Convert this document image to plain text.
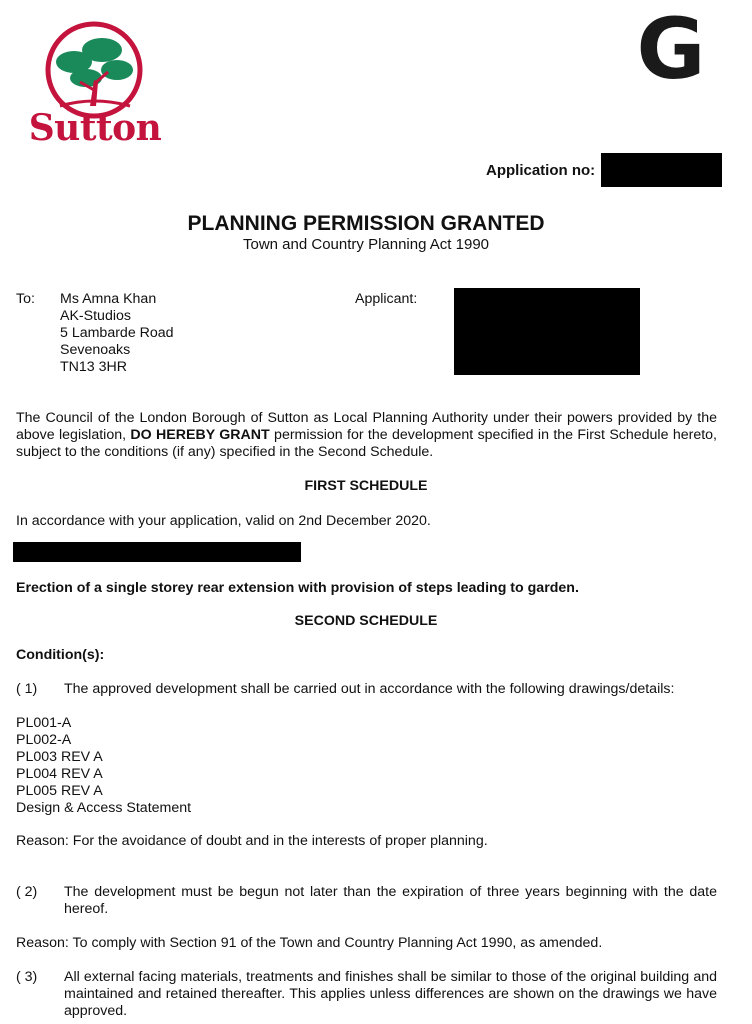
Sutton
G
Application no:
PLANNING PERMISSION GRANTED
Town and Country Planning Act 1990
To: Ms Amna Khan
AK-Studios
5 Lambarde Road
Sevenoaks
TN13 3HR
Applicant:
The Council of the London Borough of Sutton as Local Planning Authority under their powers provided by the above legislation, DO HEREBY GRANT permission for the development specified in the First Schedule hereto, subject to the conditions (if any) specified in the Second Schedule.
FIRST SCHEDULE
In accordance with your application, valid on 2nd December 2020.
Erection of a single storey rear extension with provision of steps leading to garden.
SECOND SCHEDULE
Condition(s):
( 1) The approved development shall be carried out in accordance with the following drawings/details:
PL001-A
PL002-A
PL003 REV A
PL004 REV A
PL005 REV A
Design & Access Statement
Reason: For the avoidance of doubt and in the interests of proper planning.
( 2) The development must be begun not later than the expiration of three years beginning with the date hereof.
Reason: To comply with Section 91 of the Town and Country Planning Act 1990, as amended.
( 3) All external facing materials, treatments and finishes shall be similar to those of the original building and maintained and retained thereafter. This applies unless differences are shown on the drawings we have approved.
